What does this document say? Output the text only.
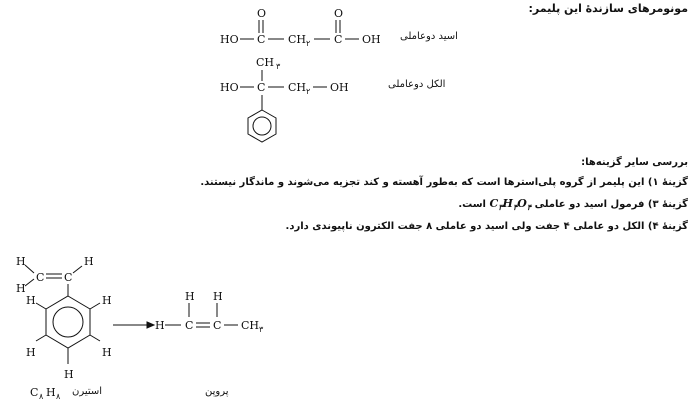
مونومرهای سازندهٔ این پلیمر:
O	O
HO C CH ۲ C OH اسید دوعاملی
CH ۳
HO C CH ۲ OH	الکل دوعاملی
بررسی سایر گزینه‌ها:
گزینهٔ ۱) این پلیمر از گروه پلی‌استرها است که به‌طور آهسته و کند تجزیه می‌شوند و ماندگار نیستند.
گزینهٔ ۳) فرمول اسید دو عاملی $C_۳H_۴O_۴$ است.
گزینهٔ ۴) الکل دو عاملی ۴ جفت ولی اسید دو عاملی ۸ جفت الکترون ناپیوندی دارد.
H
H
C C
H
H	H
H	H
H
C ۸ H ۸ استیرن
H H
H C C CH ۳
پروپن
